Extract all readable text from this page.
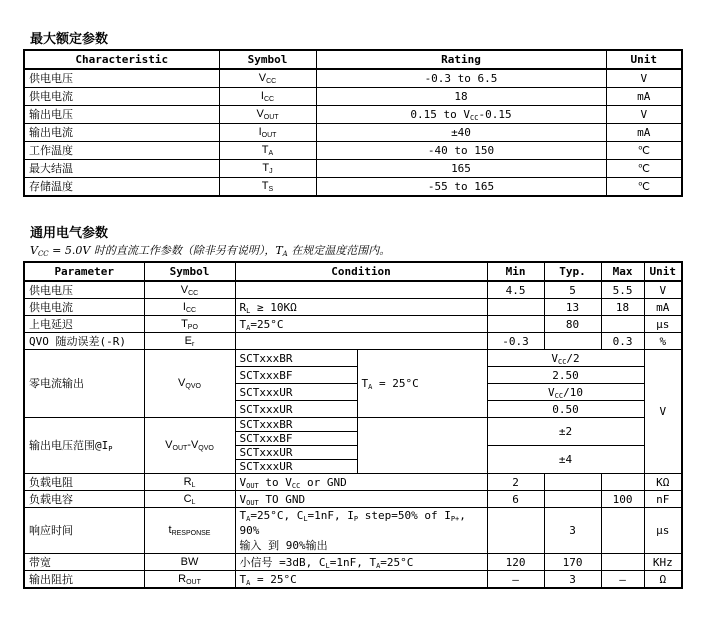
最大额定参数
Characteristic	Symbol	Rating	Unit
供电电压	$V_{CC}$	-0.3 to 6.5	V
供电电流	$I_{CC}$	18	mA
输出电压	$V_{OUT}$	0.15 to $V_{CC}-0.15$	V
输出电流	$I_{OUT}$	±40	mA
工作温度	$T_A$	-40 to 150	℃
最大结温	$T_J$	165	℃
存储温度	$T_S$	-55 to 165	℃
通用电气参数
$V_{CC} = 5.0V$ 时的直流工作参数（除非另有说明），$T_A$ 在规定温度范围内。
Parameter	Symbol	Condition		Min	Typ.	Max	Unit
供电电压	$V_{CC}$			4.5	5	5.5	V
供电电流	$I_{CC}$	$R_L \ge 10K\Omega$			13	18	mA
上电延迟	$T_{PO}$	$T_A=25^\circ C$			80		µs
QVO 随动误差(-R)	$E_r$			-0.3		0.3	%
零电流输出	$V_{QVO}$	SCTxxxBR	$T_A = 25^\circ C$	$V_{CC}/2$			V
		SCTxxxBF		2.50			
		SCTxxxUR		$V_{CC}/10$			
		SCTxxxUR		0.50			
输出电压范围$@I_P$	$V_{OUT}-V_{QVO}$	SCTxxxBR		±2			
		SCTxxxBF					
		SCTxxxUR		±4			
		SCTxxxUR					
负载电阻	$R_L$	$V_{OUT}$ to $V_{CC}$ or GND		2			KΩ
负载电容	$C_L$	$V_{OUT}$ TO GND		6		100	nF
响应时间	$t_{RESPONSE}$	$T_A=25^\circ C$, $C_L=1nF$, $I_P$ step=50% of $I_{P+}$, 90%
输入 到 90%输出			3		µs
带宽	BW	小信号 =3dB, $C_L=1nF$, $T_A=25^\circ C$		120	170		KHz
输出阻抗	$R_{OUT}$	$T_A = 25^\circ C$		–	3	–	Ω
